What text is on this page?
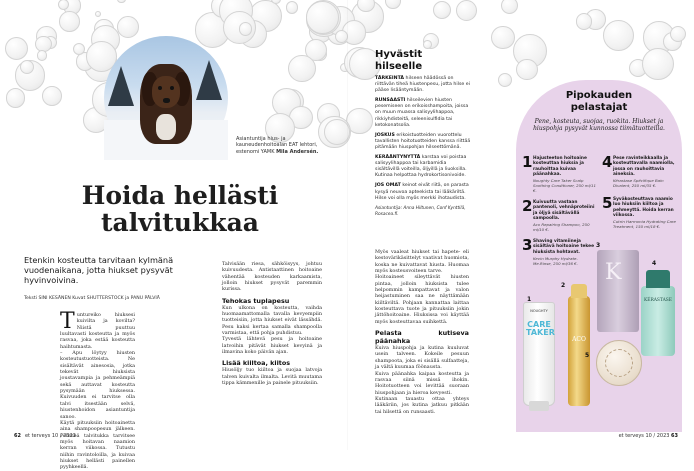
Asiantuntija hius- ja kauneudenhoitoalan EAT lehtori, estenomi YAMK Mila Andersén.
Hoida hellästi
talvitukkaa

Etenkin kosteutta tarvitaan kylmänä vuodenaikana, jotta hiukset pysyvät hyvinvoivina.

Teksti SINI KESÄNEN Kuvat SHUTTERSTOCK ja PANU PÄLVIÄ

Tuntureiko hiuksesi kuivilta ja kovilta? Niistä puuttuu luultavasti kosteutta ja myös rasvaa, joka estää kosteutta haihtumasta.

– Apu löytyy hiusten kosteutustuotteista. Ne sisältävät ainesosia, jotka tekevät hiuksista joustavampia ja pehmeämpiä sekä auttavat kosteutta pysymään hiuksessa. Kuivuuden ei tarvitse olla talvi itsestään selvä, hiustenhoidon asiantuntija sanoo.

Käytä pituuksiin hoitoainetta aina shampoopesun jälkeen. Pehmeä talvitukka tarvitsee myös hoitavan naamion kerran viikossa. Tutustu niihin ravintoloilla, ja kuivaa hiukset hellästi painellen pyyhkeellä.

Talvisään riesa, sähköisyys, johtuu kuivuudesta. Antistaattinen hoitoaine vähentää kosteuden karkaamista, jolloin hiukset pysyvät paremmin kurissa.

Tehokas tuplapesu

Kun ulkona on kosteutta, vaihda huomaamattomalla tavalla kevyempiin tuotteisiin, jotta hiukset eivät lässähdä. Pesu kaksi kertaa samalla shampoolla varmistaa, että pohja puhdistuu.

Tyvestä lähtevä pesu ja hoitoaine latvoihin pitävät hiukset kevyinä ja ilmavina koko päivän ajan.

Lisää kiiltoa, kiitos

Hiusöljy tuo kiiltoa ja suojaa latvoja talven kuivalta ilmalta. Levitä muutama tippa kämmenille ja painele pituuksiin.

62 et terveys 10 / 2023
Hyvästit
hilseelle

TÄRKEINTÄ hilseen häädössä on riittävän tiheä hiustenpesu, jotta hilse ei pääse lisääntymään.

RUNSAASTI hilseilevien hiusten pesemiseen on erikoisshampoita, joissa on muun muassa salisyylihappoa, rikkiyhdisteitä, seleenisulfidia tai ketokonatsolia.

JOSKUS erikoistuotteiden vuorottelu tavallisten hoitotuotteiden kanssa riittää pitämään hiuspohjan hilseettömänä.

KERÄÄNTYNYTTÄ karstaa voi poistaa salisyylihappoa tai karbamidia sisältävillä voiteilla, öljyillä ja liuoksilla. Kutinaa helpottaa hydrokortisonivoide.

JOS OMAT keinot eivät riitä, on parasta kysyä neuvoa apteekista tai lääkäriltä. Hilse voi olla myös merkki ihotaudista.

Asiantuntija: Anna Hiltunen, Conf Kynttilä, Rosacea.fi.

Myös vaaleat hiukset tai hapete- eli kestovärikäsittelyt vaativat huomiota, koska ne kuivattavat hiusta. Huomaa myös kosteusvoiteen tarve.

Hoitoaineet sileyttävät hiusten pintaa, jolloin hiuksista tulee helpommin kampattavat ja valon heijastuminen saa ne näyttämään kiiltäviltä. Pohjaan kannattaa laittaa kosteuttava tuote ja pituuksiin jokin jättöhoitoaine. Hiuksissa voi käyttää myös kosteuttavaa suihkettä.

Pelasta kutiseva päänahka

Kuiva hiuspohja ja kutina kuuluvat usein talveen. Kokeile pesuun shampoota, joka ei sisällä sulfaatteja, ja vältä kuumaa föönausta.

Kuiva päänahka kaipaa kosteutta ja rasvaa siinä missä ihokin. Hoitotuotteen voi levittää suoraan hiuspohjaan ja hieroa kevyesti.

Kutinaan tauastu ottaa yhteys lääkäriin, jos kutina jatkuu pitkään tai hilsettä on runsaasti.

Pipokauden
pelastajat

Pene, kosteuta, suojaa, ruokita. Hiukset ja hiuspohja pysyvät kunnossa tiimätuotteilla.

1 Hajusteeton hoitoaine kosteuttaa hiuksia ja rauhoittaa kuivaa päänahkaa.

Noughty Care Taker Scalp Soothing Conditioner, 250 ml/11 €.

2 Kuivuutta vastaan pantenoli, vehnäproteiini ja öljyä sisältävällä sampoolla.

Aco Repairing Shampoo, 250 ml/10 €.

3 Shaving vitamiineja sisältävä hoitoaine tekee hiuksista hohtavat.

Kevin Murphy Hydrate-Me.Rinse, 250 ml/36 €.

4 Pese ravinteikkaalla ja kosteuttavalla naamiolla, jossa on rauhoittavia aineksia.

Kérastase Spécifique Bain Divalent, 250 ml/35 €.

5 Syväkosteuttava naamio luo hiuksiin kiiltoa ja pehmeyttä. Hoida kerran viikossa.

Cutrin Harmonia Hydrating Care Treatment, 150 ml/18 €.

K
NOUGHTY
CARE TAKER
ACO
KÉRASTASE
1
2
3
4
5
et terveys 10 / 2023 63
